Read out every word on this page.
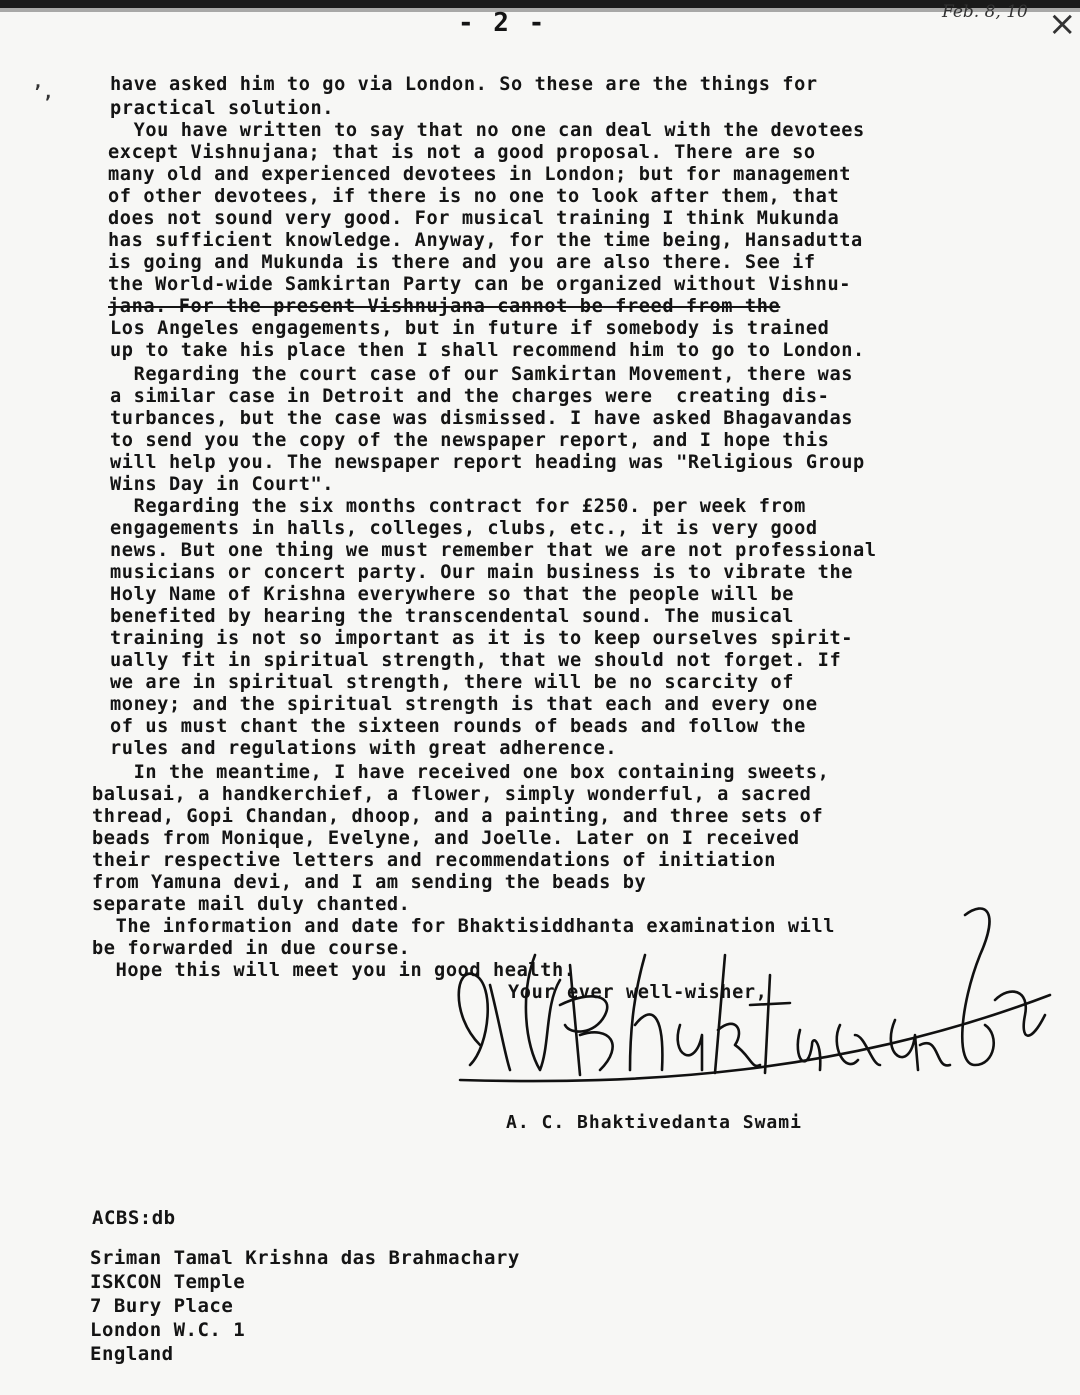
- 2 -	Feb. 8, 10 ×
ʼ,	have asked him to go via London. So these are the things for
practical solution.
You have written to say that no one can deal with the devotees
except Vishnujana; that is not a good proposal. There are so
many old and experienced devotees in London; but for management
of other devotees, if there is no one to look after them, that
does not sound very good. For musical training I think Mukunda
has sufficient knowledge. Anyway, for the time being, Hansadutta
is going and Mukunda is there and you are also there. See if
the World-wide Samkirtan Party can be organized without Vishnu-
jana. For the present Vishnujana cannot be freed from the
Los Angeles engagements, but in future if somebody is trained
up to take his place then I shall recommend him to go to London.
Regarding the court case of our Samkirtan Movement, there was
a similar case in Detroit and the charges were  creating dis-
turbances, but the case was dismissed. I have asked Bhagavandas
to send you the copy of the newspaper report, and I hope this
will help you. The newspaper report heading was "Religious Group
Wins Day in Court".
Regarding the six months contract for £250. per week from
engagements in halls, colleges, clubs, etc., it is very good
news. But one thing we must remember that we are not professional
musicians or concert party. Our main business is to vibrate the
Holy Name of Krishna everywhere so that the people will be
benefited by hearing the transcendental sound. The musical
training is not so important as it is to keep ourselves spirit-
ually fit in spiritual strength, that we should not forget. If
we are in spiritual strength, there will be no scarcity of
money; and the spiritual strength is that each and every one
of us must chant the sixteen rounds of beads and follow the
rules and regulations with great adherence.
In the meantime, I have received one box containing sweets,
balusai, a handkerchief, a flower, simply wonderful, a sacred
thread, Gopi Chandan, dhoop, and a painting, and three sets of
beads from Monique, Evelyne, and Joelle. Later on I received
their respective letters and recommendations of initiation
from Yamuna devi, and I am sending the beads by
separate mail duly chanted.
The information and date for Bhaktisiddhanta examination will
be forwarded in due course.
Hope this will meet you in good health.
Your ever well-wisher,
A. C. Bhaktivedanta Swami
ACBS:db
Sriman Tamal Krishna das Brahmachary
ISKCON Temple
7 Bury Place
London W.C. 1
England
